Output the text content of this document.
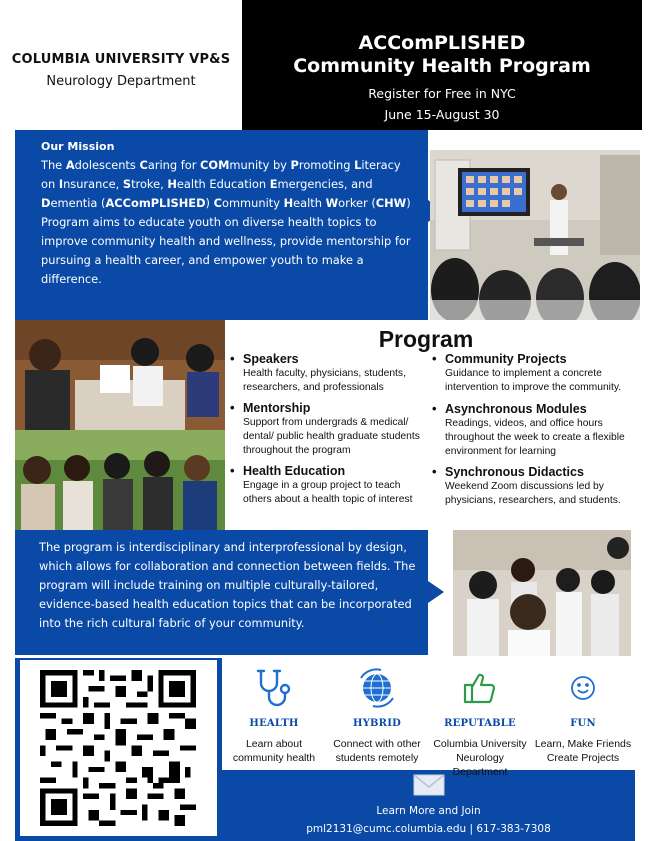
COLUMBIA UNIVERSITY VP&S
Neurology Department
ACComPLISHED
Community Health Program
Register for Free in NYC
June 15-August 30
Our Mission
The Adolescents Caring for COMmunity by Promoting Literacy on Insurance, Stroke, Health Education Emergencies, and Dementia (ACComPLISHED) Community Health Worker (CHW) Program aims to educate youth on diverse health topics to improve community health and wellness, provide mentorship for pursuing a health career, and empower youth to make a difference.
Program
• Speakers
Health faculty, physicians, students, researchers, and professionals
• Mentorship
Support from undergrads & medical/ dental/ public health graduate students throughout the program
• Health Education
Engage in a group project to teach others about a health topic of interest
• Community Projects
Guidance to implement a concrete intervention to improve the community.
• Asynchronous Modules
Readings, videos, and office hours throughout the week to create a flexible environment for learning
• Synchronous Didactics
Weekend Zoom discussions led by physicians, researchers, and students.
The program is interdisciplinary and interprofessional by design, which allows for collaboration and connection between fields. The program will include training on multiple culturally-tailored, evidence-based health education topics that can be incorporated into the rich cultural fabric of your community.
HEALTH
Learn about community health
HYBRID
Connect with other students remotely
REPUTABLE
Columbia University Neurology Department
FUN
Learn, Make Friends Create Projects
Learn More and Join
pml2131@cumc.columbia.edu | 617-383-7308
